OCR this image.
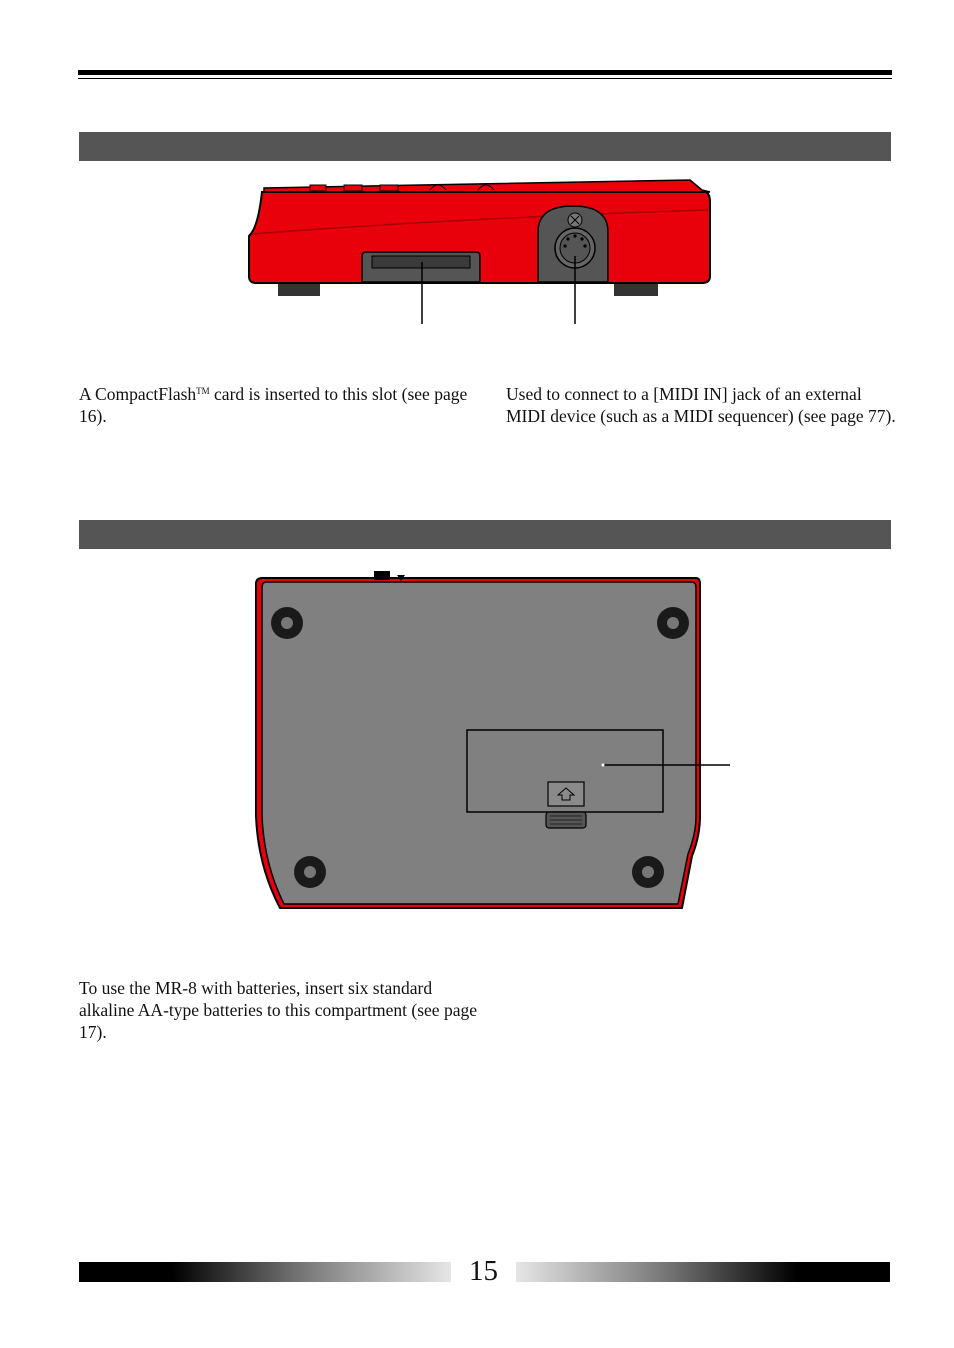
A CompactFlash™ card is inserted to this slot (see page 16).

Used to connect to a [MIDI IN] jack of an external MIDI device (such as a MIDI sequencer) (see page 77).

To use the MR-8 with batteries, insert six standard alkaline AA-type batteries to this compartment (see page 17).

15
